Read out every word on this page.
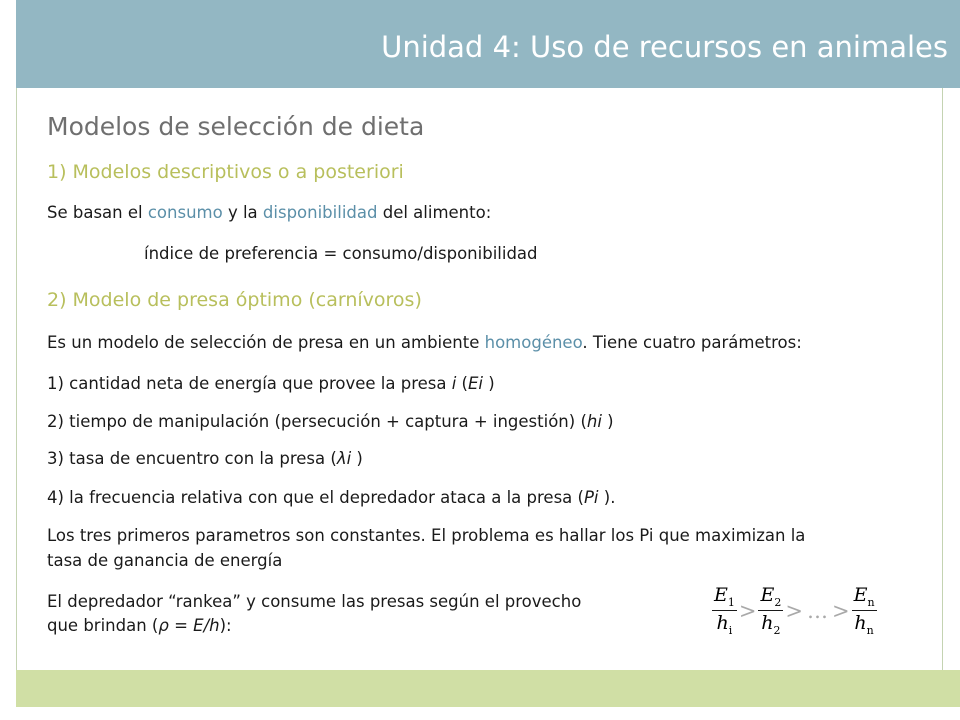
Unidad 4: Uso de recursos en animales
Modelos de selección de dieta
1) Modelos descriptivos o a posteriori
Se basan el consumo y la disponibilidad del alimento:
índice de preferencia = consumo/disponibilidad
2) Modelo de presa óptimo (carnívoros)
Es un modelo de selección de presa en un ambiente homogéneo. Tiene cuatro parámetros:
1) cantidad neta de energía que provee la presa i (Ei )
2) tiempo de manipulación (persecución + captura + ingestión) (hi )
3) tasa de encuentro con la presa (λi )
4) la frecuencia relativa con que el depredador ataca a la presa (Pi ).
Los tres primeros parametros son constantes. El problema es hallar los Pi que maximizan la
tasa de ganancia de energía
El depredador “rankea” y consume las presas según el provecho
que brindan (ρ = E/h):	$\frac{E_1}{h_i} > \frac{E_2}{h_2}$ > … > $\frac{E_n}{h_n}$
